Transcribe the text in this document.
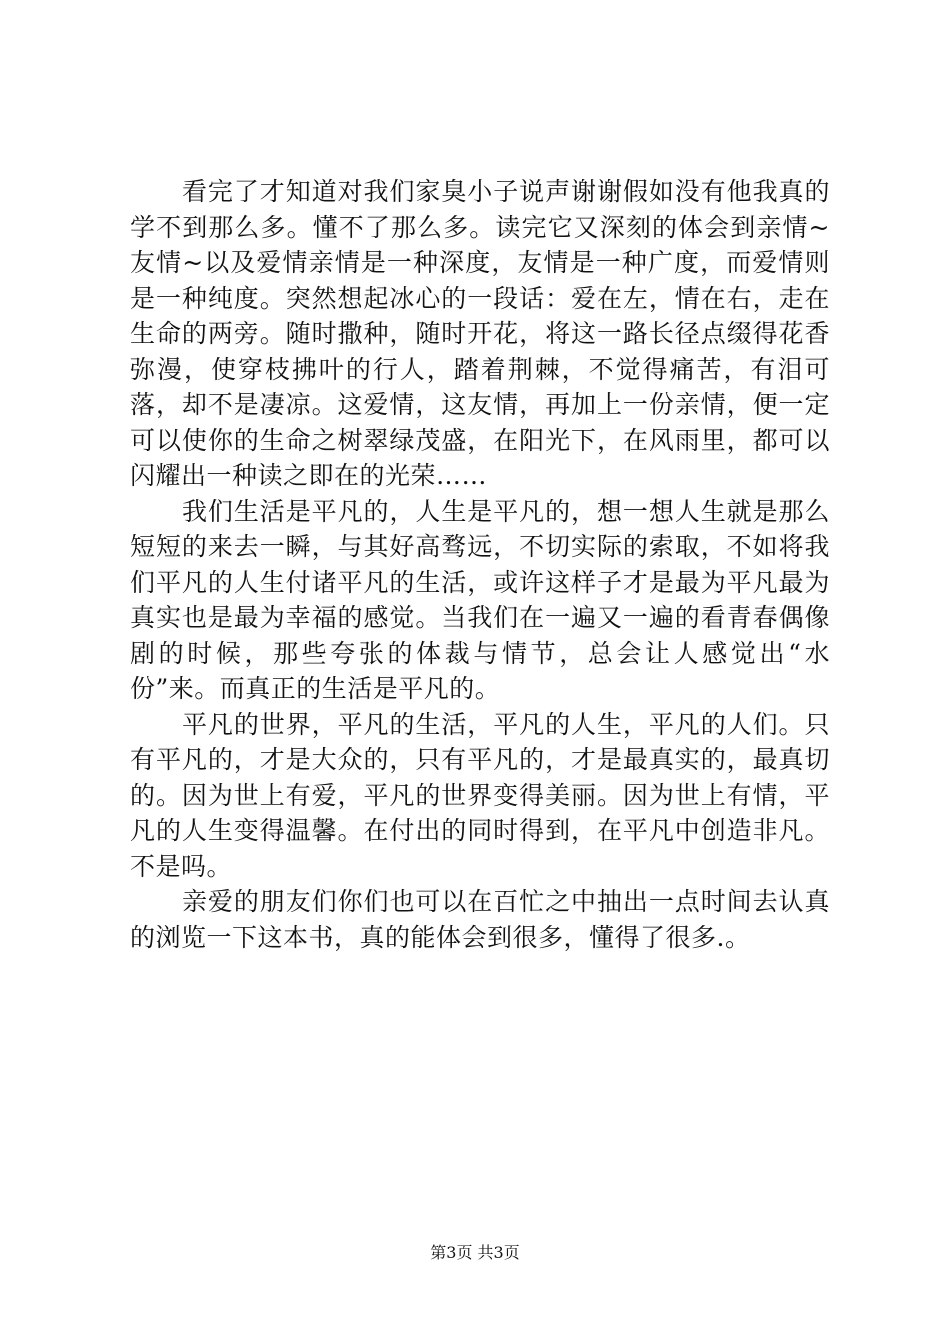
看完了才知道对我们家臭小子说声谢谢假如没有他我真的学不到那么多。懂不了那么多。读完它又深刻的体会到亲情~友情~以及爱情亲情是一种深度，友情是一种广度，而爱情则是一种纯度。突然想起冰心的一段话：爱在左，情在右，走在生命的两旁。随时撒种，随时开花，将这一路长径点缀得花香弥漫，使穿枝拂叶的行人，踏着荆棘，不觉得痛苦，有泪可落，却不是凄凉。这爱情，这友情，再加上一份亲情，便一定可以使你的生命之树翠绿茂盛，在阳光下，在风雨里，都可以闪耀出一种读之即在的光荣……

我们生活是平凡的，人生是平凡的，想一想人生就是那么短短的来去一瞬，与其好高骛远，不切实际的索取，不如将我们平凡的人生付诸平凡的生活，或许这样子才是最为平凡最为真实也是最为幸福的感觉。当我们在一遍又一遍的看青春偶像剧的时候，那些夸张的体裁与情节，总会让人感觉出“水份”来。而真正的生活是平凡的。

平凡的世界，平凡的生活，平凡的人生，平凡的人们。只有平凡的，才是大众的，只有平凡的，才是最真实的，最真切的。因为世上有爱，平凡的世界变得美丽。因为世上有情，平凡的人生变得温馨。在付出的同时得到，在平凡中创造非凡。不是吗。

亲爱的朋友们你们也可以在百忙之中抽出一点时间去认真的浏览一下这本书，真的能体会到很多，懂得了很多.。

第3页 共3页
